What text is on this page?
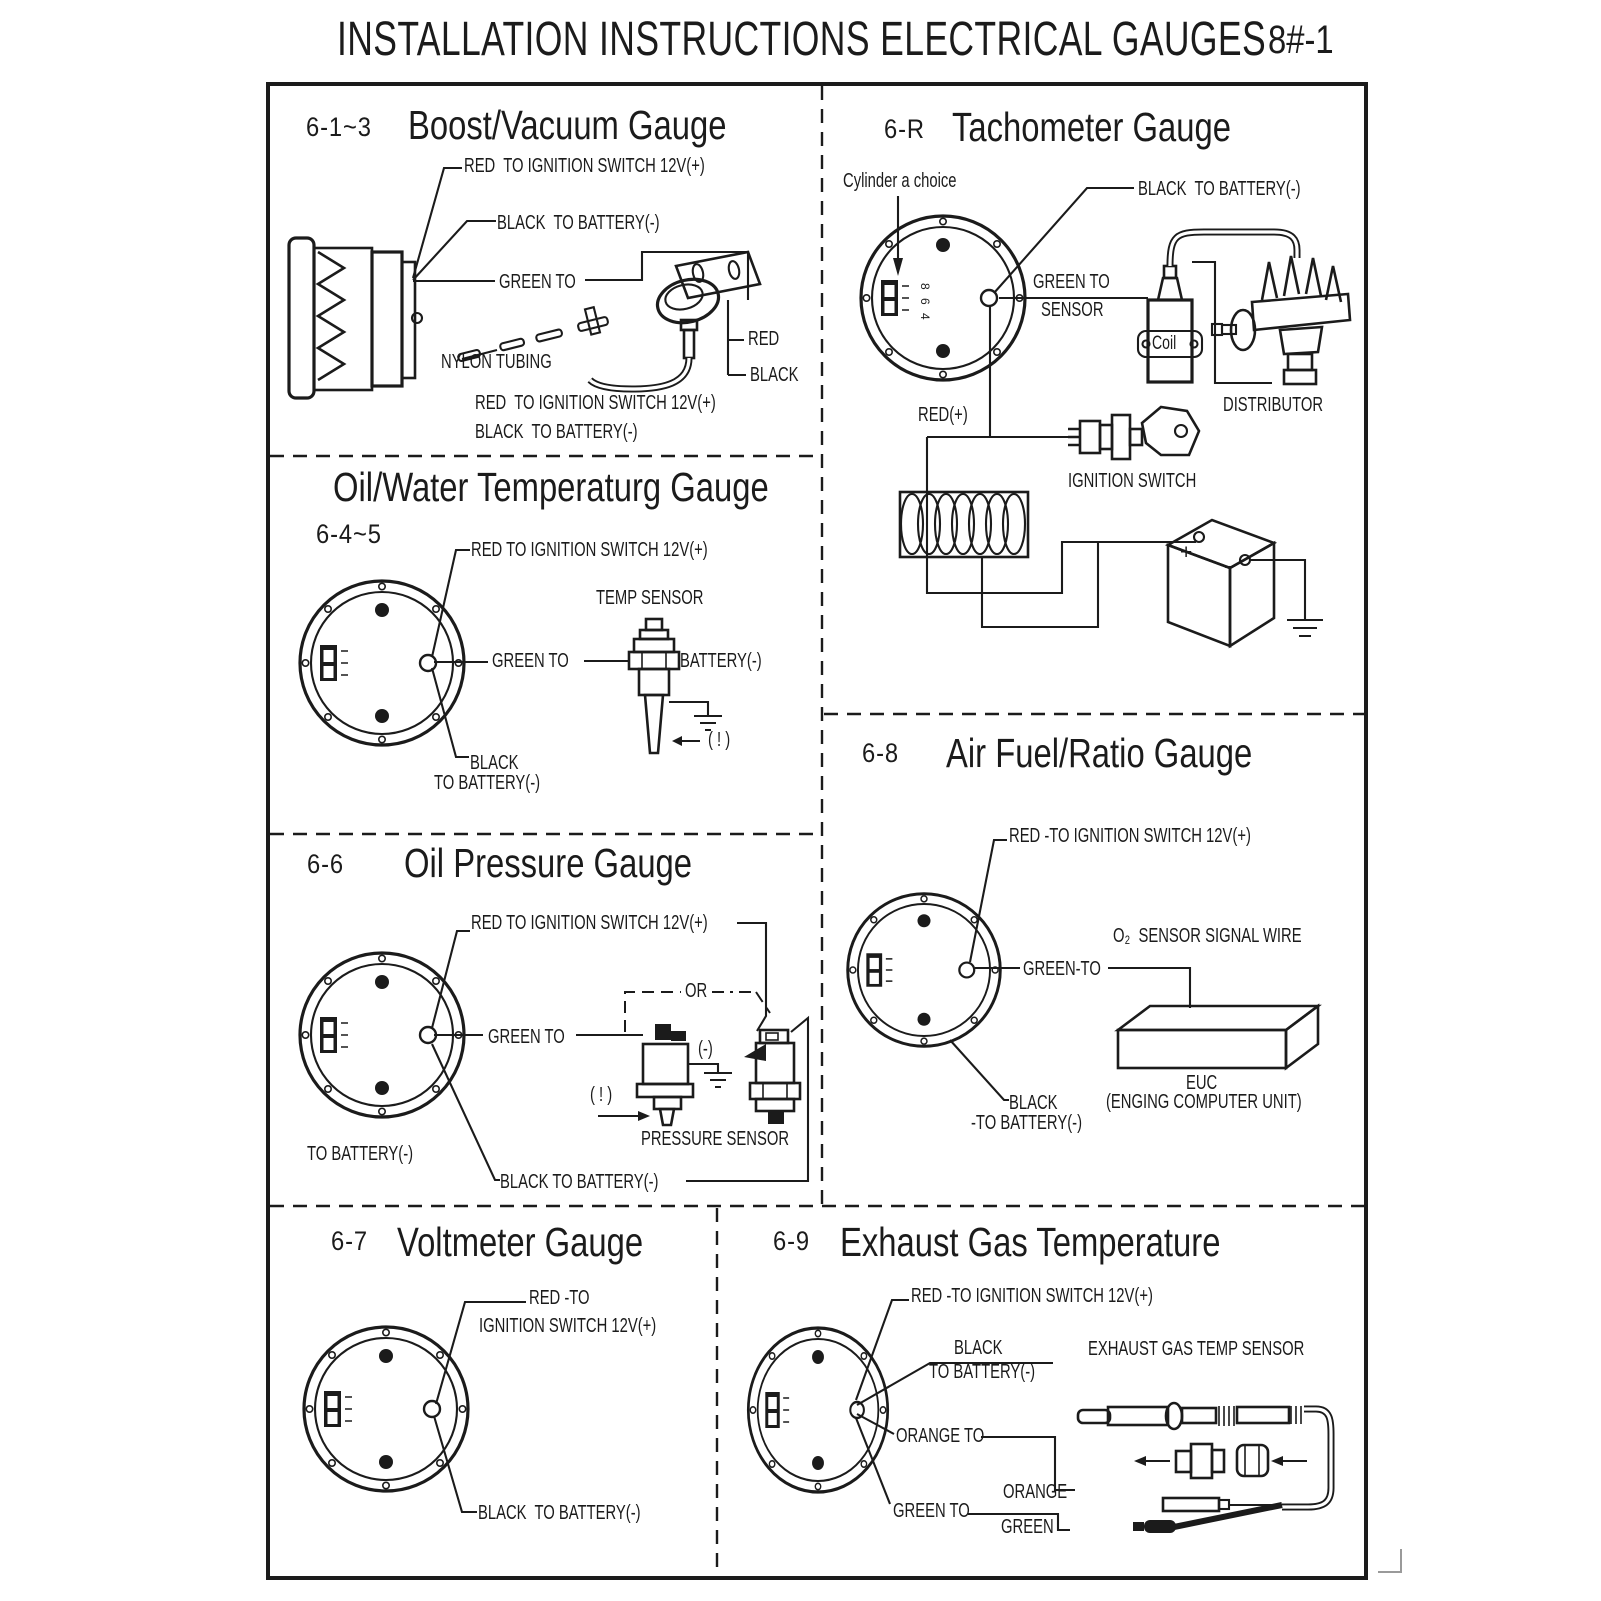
8
6
4
INSTALLATION INSTRUCTIONS ELECTRICAL GAUGES 8#-1
6-1~3 Boost/Vacuum Gauge
RED  TO IGNITION SWITCH 12V(+)
BLACK  TO BATTERY(-)
GREEN TO
NYLON TUBING
RED
BLACK
RED  TO IGNITION SWITCH 12V(+)
BLACK  TO BATTERY(-)
6-R Tachometer Gauge
Cylinder a choice	BLACK  TO BATTERY(-)
GREEN TO
SENSOR
Coil
DISTRIBUTOR
RED(+)
IGNITION SWITCH
+ -
Oil/Water Temperaturg Gauge
6-4~5
RED TO IGNITION SWITCH 12V(+)
TEMP SENSOR
GREEN TO	BATTERY(-)
( ! )
BLACK
TO BATTERY(-)
6-6 Oil Pressure Gauge
RED TO IGNITION SWITCH 12V(+)
GREEN TO
OR
(-)
( ! )
PRESSURE SENSOR
TO BATTERY(-)
BLACK TO BATTERY(-)
6-8 Air Fuel/Ratio Gauge
RED -TO IGNITION SWITCH 12V(+)
O₂  SENSOR SIGNAL WIRE
GREEN-TO
EUC
(ENGING COMPUTER UNIT)
BLACK
-TO BATTERY(-)
6-7 Voltmeter Gauge
RED -TO
IGNITION SWITCH 12V(+)
BLACK  TO BATTERY(-)
6-9 Exhaust Gas Temperature
RED -TO IGNITION SWITCH 12V(+)
BLACK
TO BATTERY(-)
EXHAUST GAS TEMP SENSOR
ORANGE TO
ORANGE
GREEN TO
GREEN
